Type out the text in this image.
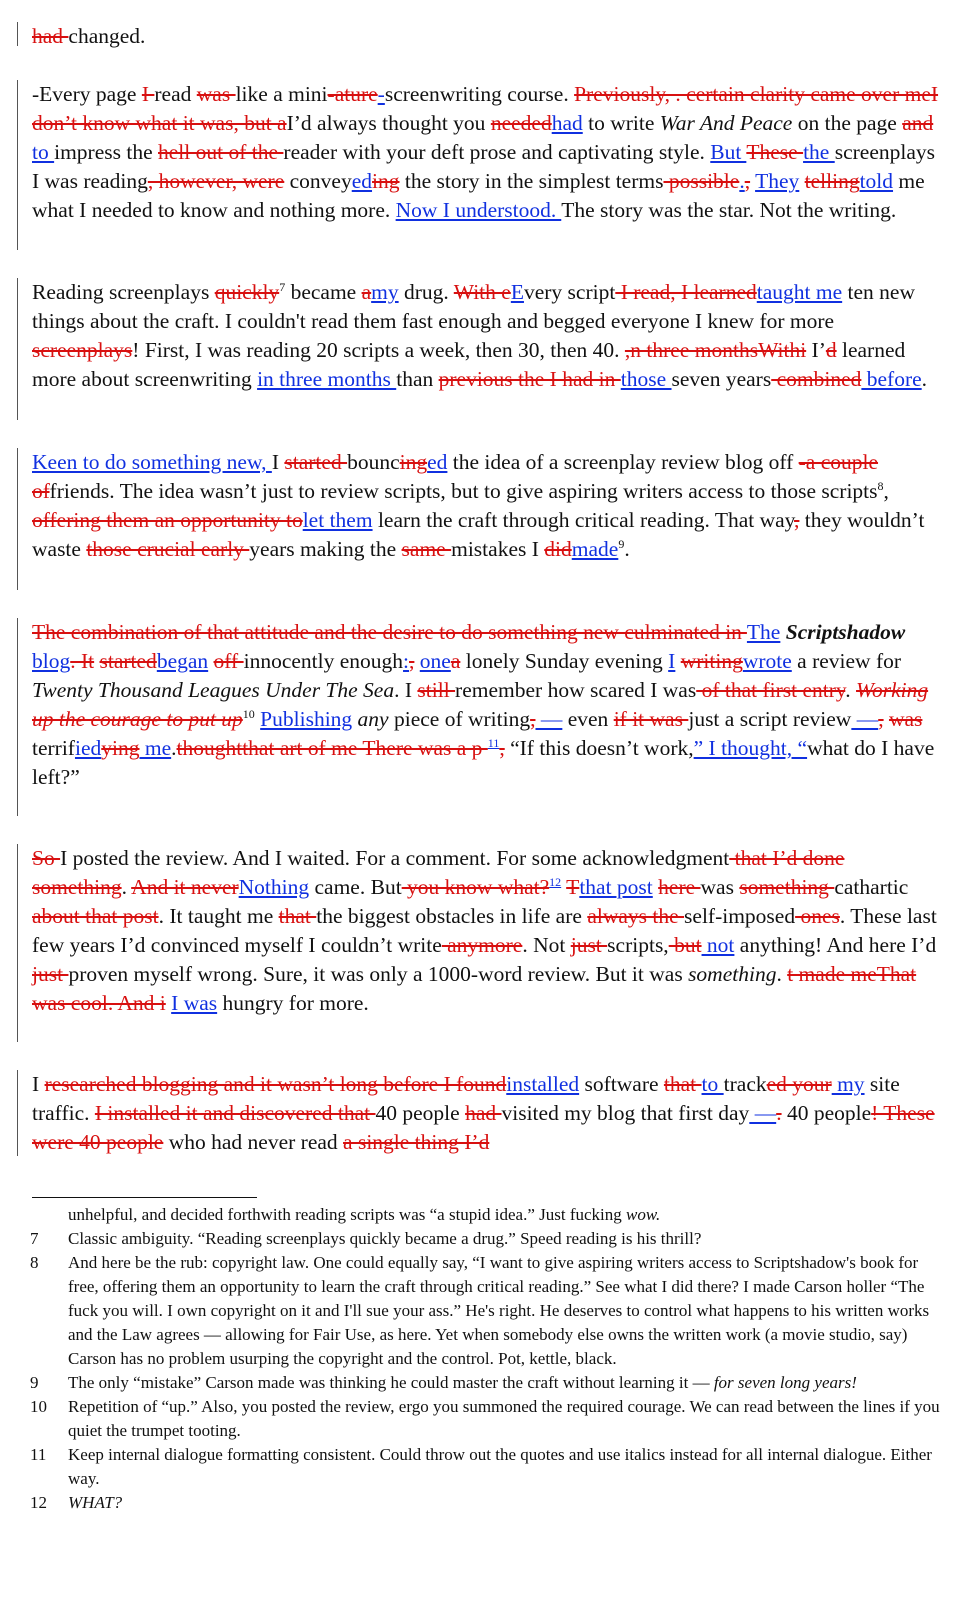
had changed.
-Every page I read was like a mini-ature-screenwriting course. Previously, . certain clarity came over meI don’t know what it was, but aI’d always thought you neededhad to write War And Peace on the page and to impress the hell out of the reader with your deft prose and captivating style. But These the screenplays I was reading, however, were conveyeding the story in the simplest terms possible., They tellingtold me what I needed to know and nothing more. Now I understood. The story was the star. Not the writing.
Reading screenplays quickly$^7$ became amy drug. With eEvery script I read, I learnedtaught me ten new things about the craft. I couldn't read them fast enough and begged everyone I knew for more screenplays! First, I was reading 20 scripts a week, then 30, then 40. ,n three monthsWithi I’d learned more about screenwriting in three months than previous the I had in those seven years combined before.
Keen to do something new, I started bouncinged the idea of a screenplay review blog off -a couple offriends. The idea wasn’t just to review scripts, but to give aspiring writers access to those scripts$^8$, offering them an opportunity tolet them learn the craft through critical reading. That way, they wouldn’t waste those crucial early years making the same mistakes I didmade$^9$.
The combination of that attitude and the desire to do something new culminated in The Scriptshadow blog. It startedbegan off innocently enough:, onea lonely Sunday evening I writingwrote a review for Twenty Thousand Leagues Under The Sea. I still remember how scared I was of that first entry. Working up the courage to put $up^{10}$ Publishing any piece of writing, — even if it was just a script review —, was terrifiedying me.thoughtthat art of me There was a p $^{11}$, “If this doesn’t work,” I thought, “what do I have left?”
So I posted the review. And I waited. For a comment. For some acknowledgment that I’d done something. And it neverNothing came. But you know what?$^{12}$ Tthat post here was something cathartic about that post. It taught me that the biggest obstacles in life are always the self-imposed ones. These last few years I’d convinced myself I couldn’t write anymore. Not just scripts, but not anything! And here I’d just proven myself wrong. Sure, it was only a 1000-word review. But it was something. t made meThat was cool. And i I was hungry for more.
I researched blogging and it wasn’t long before I foundinstalled software that to tracked your my site traffic. I installed it and discovered that 40 people had visited my blog that first day —. 40 people! These were 40 people who had never read a single thing I’d
unhelpful, and decided forthwith reading scripts was “a stupid idea.” Just fucking wow.
7	Classic ambiguity. “Reading screenplays quickly became a drug.” Speed reading is his thrill?
8	And here be the rub: copyright law. One could equally say, “I want to give aspiring writers access to Scriptshadow's book for free, offering them an opportunity to learn the craft through critical reading.” See what I did there? I made Carson holler “The fuck you will. I own copyright on it and I'll sue your ass.” He's right. He deserves to control what happens to his written works and the Law agrees — allowing for Fair Use, as here. Yet when somebody else owns the written work (a movie studio, say) Carson has no problem usurping the copyright and the control. Pot, kettle, black.
9	The only “mistake” Carson made was thinking he could master the craft without learning it — for seven long years!
10	Repetition of “up.” Also, you posted the review, ergo you summoned the required courage. We can read between the lines if you quiet the trumpet tooting.
11	Keep internal dialogue formatting consistent. Could throw out the quotes and use italics instead for all internal dialogue. Either way.
12	WHAT?
